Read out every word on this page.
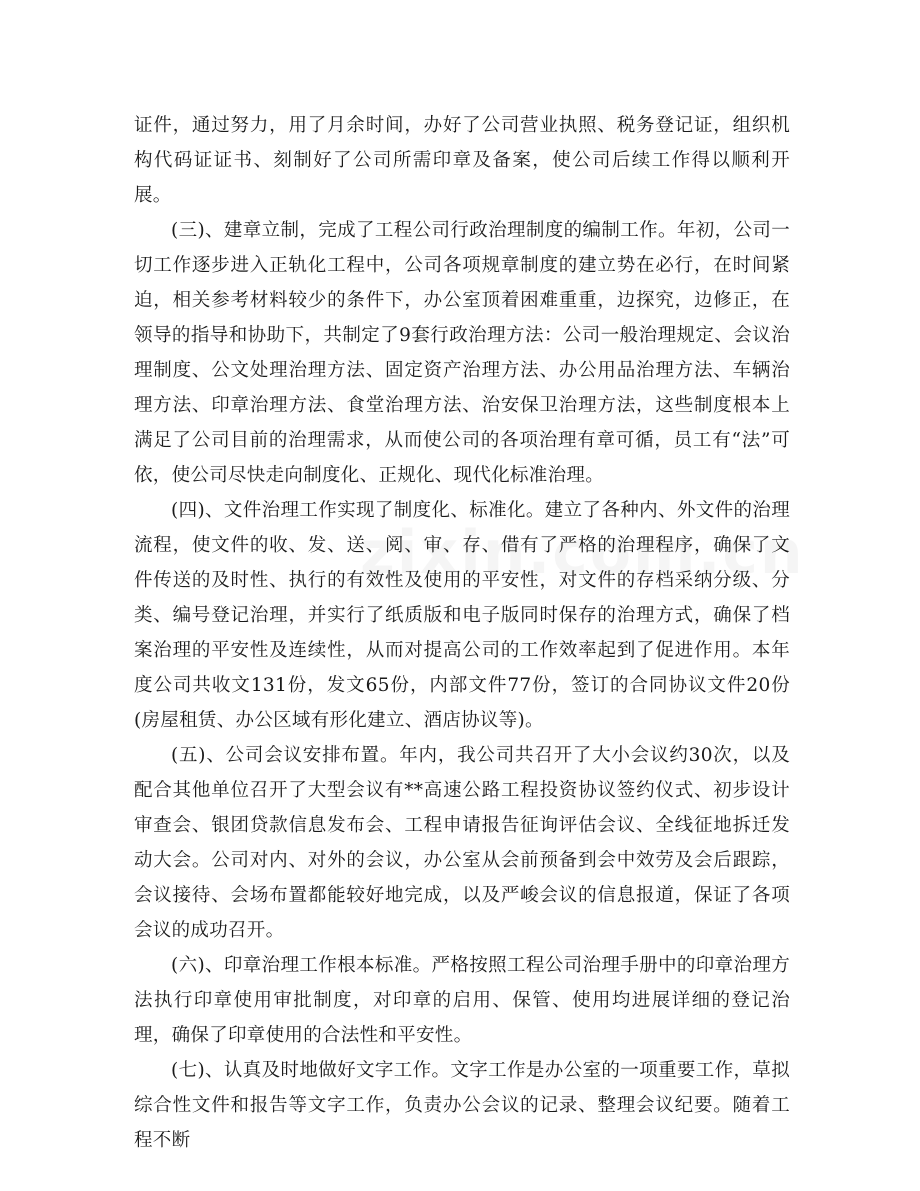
证件，通过努力，用了月余时间，办好了公司营业执照、税务登记证，组织机构代码证证书、刻制好了公司所需印章及备案，使公司后续工作得以顺利开展。

(三)、建章立制，完成了工程公司行政治理制度的编制工作。年初，公司一切工作逐步进入正轨化工程中，公司各项规章制度的建立势在必行，在时间紧迫，相关参考材料较少的条件下，办公室顶着困难重重，边探究，边修正，在领导的指导和协助下，共制定了9套行政治理方法：公司一般治理规定、会议治理制度、公文处理治理方法、固定资产治理方法、办公用品治理方法、车辆治理方法、印章治理方法、食堂治理方法、治安保卫治理方法，这些制度根本上满足了公司目前的治理需求，从而使公司的各项治理有章可循，员工有“法”可依，使公司尽快走向制度化、正规化、现代化标准治理。

(四)、文件治理工作实现了制度化、标准化。建立了各种内、外文件的治理流程，使文件的收、发、送、阅、审、存、借有了严格的治理程序，确保了文件传送的及时性、执行的有效性及使用的平安性，对文件的存档采纳分级、分类、编号登记治理，并实行了纸质版和电子版同时保存的治理方式，确保了档案治理的平安性及连续性，从而对提高公司的工作效率起到了促进作用。本年度公司共收文131份，发文65份，内部文件77份，签订的合同协议文件20份(房屋租赁、办公区域有形化建立、酒店协议等)。

(五)、公司会议安排布置。年内，我公司共召开了大小会议约30次，以及配合其他单位召开了大型会议有**高速公路工程投资协议签约仪式、初步设计审查会、银团贷款信息发布会、工程申请报告征询评估会议、全线征地拆迁发动大会。公司对内、对外的会议，办公室从会前预备到会中效劳及会后跟踪，会议接待、会场布置都能较好地完成，以及严峻会议的信息报道，保证了各项会议的成功召开。

(六)、印章治理工作根本标准。严格按照工程公司治理手册中的印章治理方法执行印章使用审批制度，对印章的启用、保管、使用均进展详细的登记治理，确保了印章使用的合法性和平安性。

(七)、认真及时地做好文字工作。文字工作是办公室的一项重要工作，草拟综合性文件和报告等文字工作，负责办公会议的记录、整理会议纪要。随着工程不断
